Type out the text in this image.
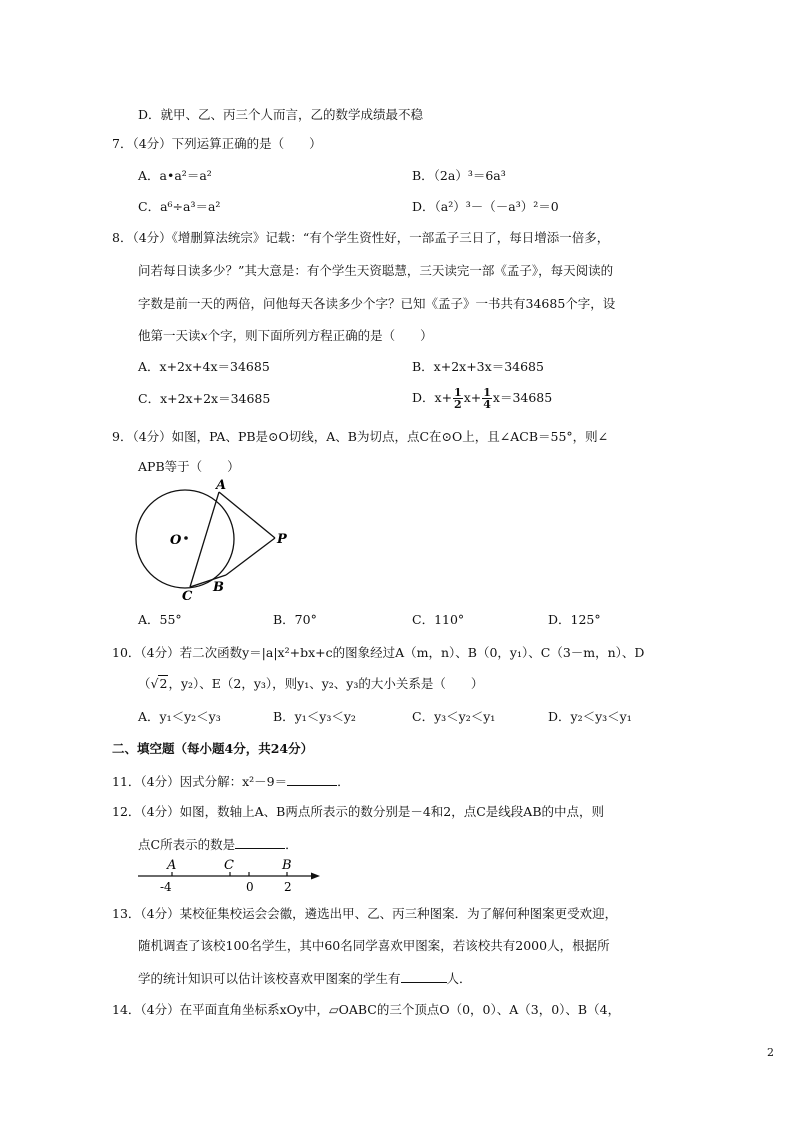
D．就甲、乙、丙三个人而言，乙的数学成绩最不稳
7．（4分）下列运算正确的是（　　）
A．a•a²＝a²	B．（2a）³＝6a³
C．a⁶÷a³＝a²	D．（a²）³－（－a³）²＝0
8．（4分）《增删算法统宗》记载：“有个学生资性好，一部孟子三日了，每日增添一倍多，
问若每日读多少？”其大意是：有个学生天资聪慧，三天读完一部《孟子》，每天阅读的
字数是前一天的两倍，问他每天各读多少个字？已知《孟子》一书共有34685个字，设
他第一天读x个字，则下面所列方程正确的是（　　）
A．x+2x+4x＝34685	B．x+2x+3x＝34685
C．x+2x+2x＝34685	D．$x+ \frac{1}{2} x+ \frac{1}{4} x=34685$
9．（4分）如图，PA、PB是⊙O切线，A、B为切点，点C在⊙O上，且∠ACB＝55°，则∠
APB等于（　　）
O
A
P
B
C
A．55°	B．70°	C．110°	D．125°
10．（4分）若二次函数y＝|a|x²+bx+c的图象经过A（m，n）、B（0，y₁）、C（3－m，n）、D
（√2，y₂）、E（2，y₃），则y₁、y₂、y₃的大小关系是（　　）
A．y₁＜y₂＜y₃	B．y₁＜y₃＜y₂	C．y₃＜y₂＜y₁	D．y₂＜y₃＜y₁
二、填空题（每小题4分，共24分）
11．（4分）因式分解：x²－9＝	．
12．（4分）如图，数轴上A、B两点所表示的数分别是－4和2，点C是线段AB的中点，则
点C所表示的数是	．
A	C	B
-4	0	2
13．（4分）某校征集校运会会徽，遴选出甲、乙、丙三种图案．为了解何种图案更受欢迎，
随机调查了该校100名学生，其中60名同学喜欢甲图案，若该校共有2000人，根据所
学的统计知识可以估计该校喜欢甲图案的学生有	人．
14．（4分）在平面直角坐标系xOy中，▱OABC的三个顶点O（0，0）、A（3，0）、B（4，
2
